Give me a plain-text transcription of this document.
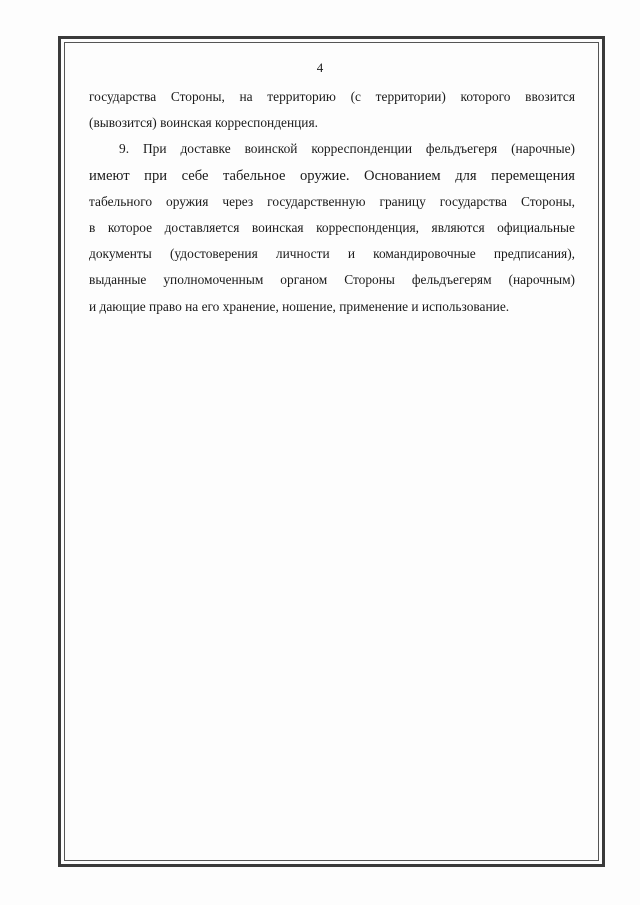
4
государства Стороны, на территорию (с территории) которого ввозится
(вывозится) воинская корреспонденция.
9. При доставке воинской корреспонденции фельдъегеря (нарочные)
имеют при себе табельное оружие. Основанием для перемещения
табельного оружия через государственную границу государства Стороны,
в которое доставляется воинская корреспонденция, являются официальные
документы (удостоверения личности и командировочные предписания),
выданные уполномоченным органом Стороны фельдъегерям (нарочным)
и дающие право на его хранение, ношение, применение и использование.
